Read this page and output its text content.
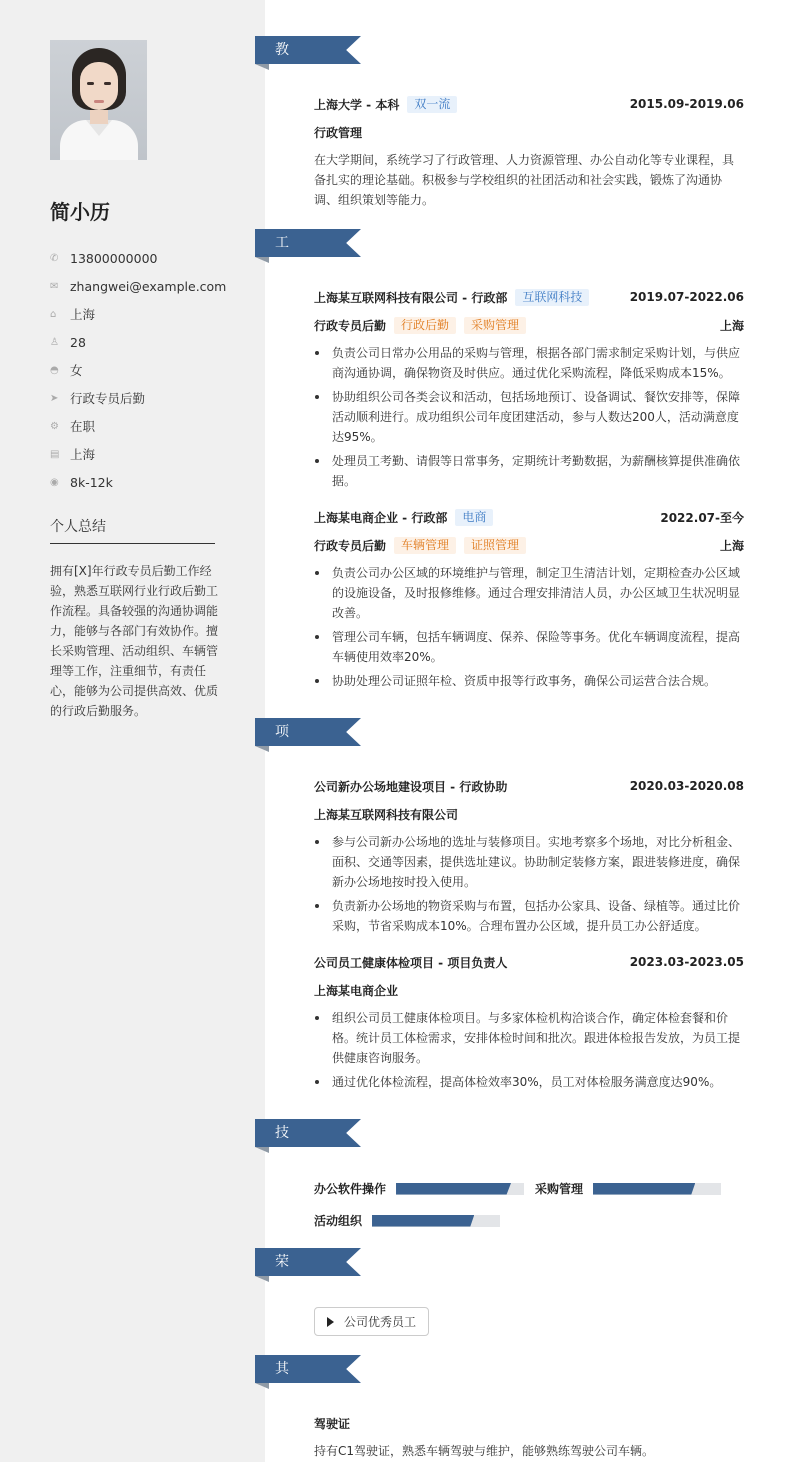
简小历
✆ 13800000000
✉ zhangwei@example.com
⌂	上海
♙ 28
◓ 女
➤ 行政专员后勤
⚙ 在职
▤ 上海
◉ 8k-12k
个人总结
拥有[X]年行政专员后勤工作经验，熟悉互联网行业行政后勤工作流程。具备较强的沟通协调能力，能够与各部门有效协作。擅长采购管理、活动组织、车辆管理等工作，注重细节，有责任心，能够为公司提供高效、优质的行政后勤服务。
教育经历
上海大学 - 本科	双一流	2015.09-2019.06
行政管理
在大学期间，系统学习了行政管理、人力资源管理、办公自动化等专业课程，具备扎实的理论基础。积极参与学校组织的社团活动和社会实践，锻炼了沟通协调、组织策划等能力。
工作经历
上海某互联网科技有限公司 - 行政部	互联网科技	2019.07-2022.06
行政专员后勤	行政后勤	采购管理	上海
负责公司日常办公用品的采购与管理，根据各部门需求制定采购计划，与供应商沟通协调，确保物资及时供应。通过优化采购流程，降低采购成本15%。
协助组织公司各类会议和活动，包括场地预订、设备调试、餐饮安排等，保障活动顺利进行。成功组织公司年度团建活动，参与人数达200人，活动满意度达95%。
处理员工考勤、请假等日常事务，定期统计考勤数据，为薪酬核算提供准确依据。
上海某电商企业 - 行政部	电商	2022.07-至今
行政专员后勤	车辆管理	证照管理	上海
负责公司办公区域的环境维护与管理，制定卫生清洁计划，定期检查办公区域的设施设备，及时报修维修。通过合理安排清洁人员，办公区域卫生状况明显改善。
管理公司车辆，包括车辆调度、保养、保险等事务。优化车辆调度流程，提高车辆使用效率20%。
协助处理公司证照年检、资质申报等行政事务，确保公司运营合法合规。
项目经历
公司新办公场地建设项目 - 行政协助	2020.03-2020.08
上海某互联网科技有限公司
参与公司新办公场地的选址与装修项目。实地考察多个场地，对比分析租金、面积、交通等因素，提供选址建议。协助制定装修方案，跟进装修进度，确保新办公场地按时投入使用。
负责新办公场地的物资采购与布置，包括办公家具、设备、绿植等。通过比价采购，节省采购成本10%。合理布置办公区域，提升员工办公舒适度。
公司员工健康体检项目 - 项目负责人	2023.03-2023.05
上海某电商企业
组织公司员工健康体检项目。与多家体检机构洽谈合作，确定体检套餐和价格。统计员工体检需求，安排体检时间和批次。跟进体检报告发放，为员工提供健康咨询服务。
通过优化体检流程，提高体检效率30%，员工对体检服务满意度达90%。
技能专长
办公软件操作	采购管理
活动组织
荣誉奖项
公司优秀员工
其他信息
驾驶证
持有C1驾驶证，熟悉车辆驾驶与维护，能够熟练驾驶公司车辆。
